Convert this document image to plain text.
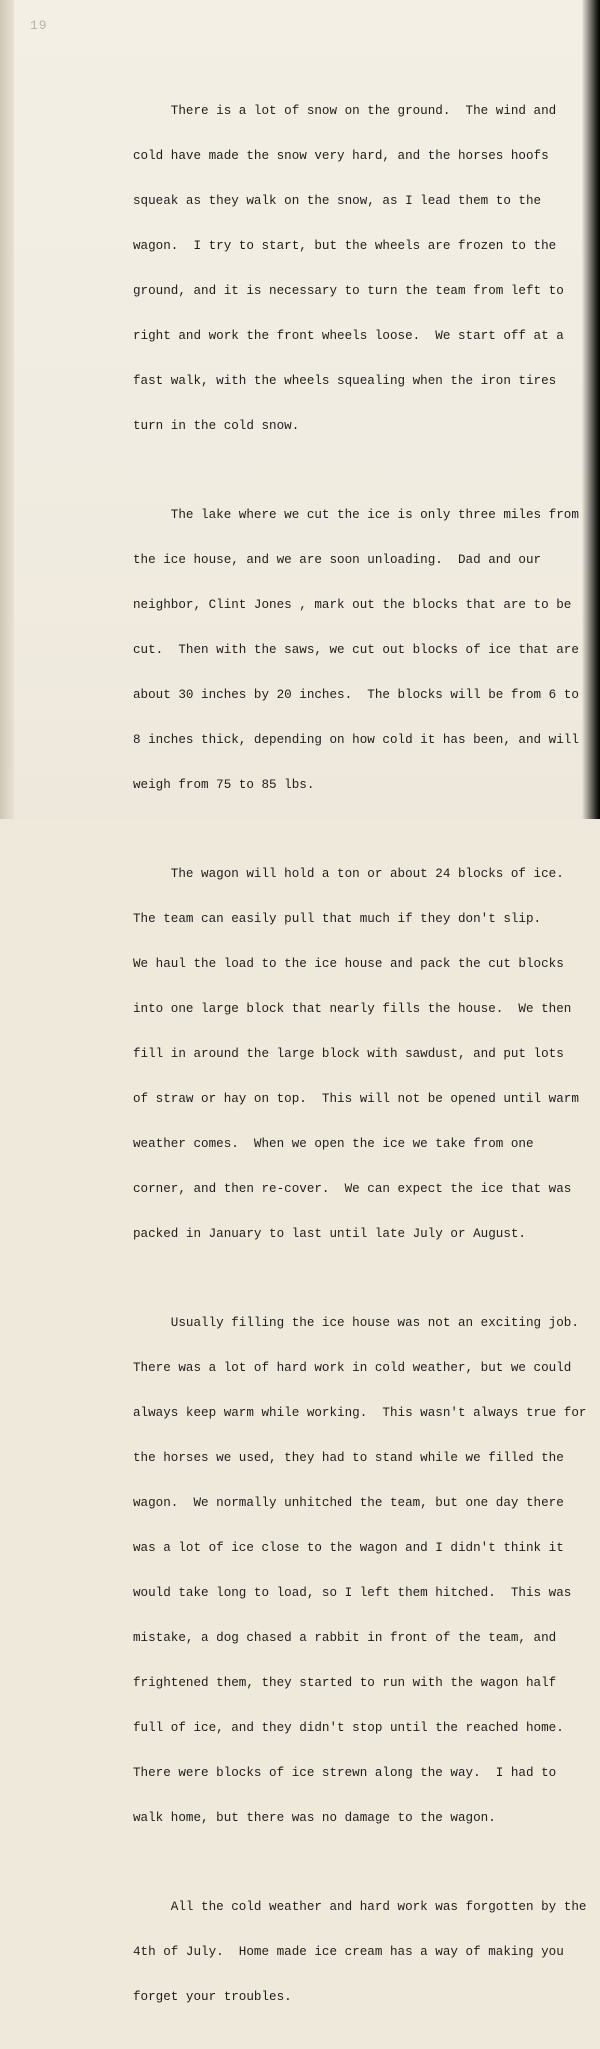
19

There is a lot of snow on the ground.  The wind and

cold have made the snow very hard, and the horses hoofs

squeak as they walk on the snow, as I lead them to the

wagon.  I try to start, but the wheels are frozen to the

ground, and it is necessary to turn the team from left to

right and work the front wheels loose.  We start off at a

fast walk, with the wheels squealing when the iron tires

turn in the cold snow.

The lake where we cut the ice is only three miles from

the ice house, and we are soon unloading.  Dad and our

neighbor, Clint Jones , mark out the blocks that are to be

cut.  Then with the saws, we cut out blocks of ice that are

about 30 inches by 20 inches.  The blocks will be from 6 to

8 inches thick, depending on how cold it has been, and will

weigh from 75 to 85 lbs.

The wagon will hold a ton or about 24 blocks of ice.

The team can easily pull that much if they don't slip.

We haul the load to the ice house and pack the cut blocks

into one large block that nearly fills the house.  We then

fill in around the large block with sawdust, and put lots

of straw or hay on top.  This will not be opened until warm

weather comes.  When we open the ice we take from one

corner, and then re-cover.  We can expect the ice that was

packed in January to last until late July or August.

Usually filling the ice house was not an exciting job.

There was a lot of hard work in cold weather, but we could

always keep warm while working.  This wasn't always true for

the horses we used, they had to stand while we filled the

wagon.  We normally unhitched the team, but one day there

was a lot of ice close to the wagon and I didn't think it

would take long to load, so I left them hitched.  This was

mistake, a dog chased a rabbit in front of the team, and

frightened them, they started to run with the wagon half

full of ice, and they didn't stop until the reached home.

There were blocks of ice strewn along the way.  I had to

walk home, but there was no damage to the wagon.

All the cold weather and hard work was forgotten by the

4th of July.  Home made ice cream has a way of making you

forget your troubles.
